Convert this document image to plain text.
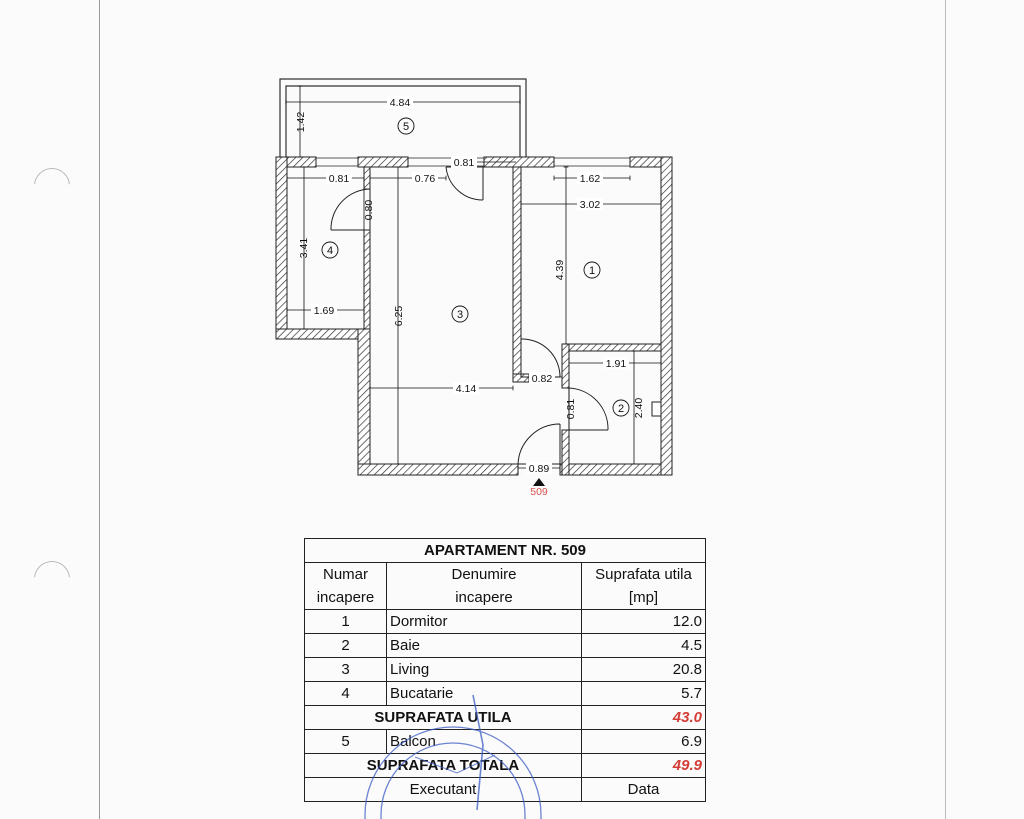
4.84
1.42
0.81
0.81	0.76
0.80
3.41
1.69	6.25
4.14
1.62
3.02
4.39
1.91
2.40
0.82
0.81
0.89
5
4
3
1
2
509
APARTAMENT NR. 509		
Numar	Denumire	Suprafata utila
incapere	incapere	[mp]
1	Dormitor	12.0
2	Baie	4.5
3	Living	20.8
4	Bucatarie	5.7
SUPRAFATA UTILA		43.0
5	Balcon	6.9
SUPRAFATA TOTALA		49.9
Executant		Data
